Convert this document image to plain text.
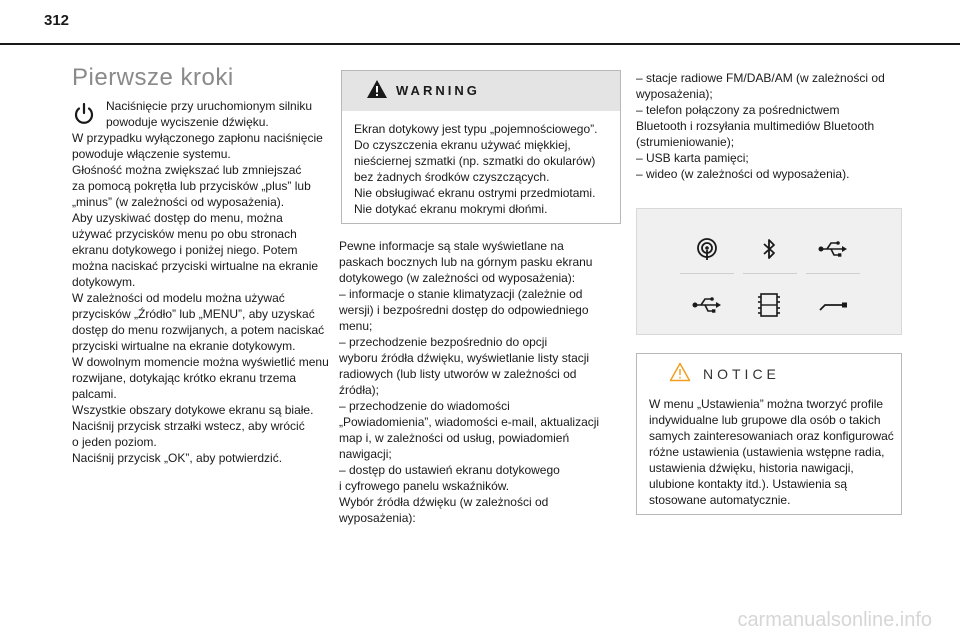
312
Pierwsze kroki
Naciśnięcie przy uruchomionym silniku
powoduje wyciszenie dźwięku.
W przypadku wyłączonego zapłonu naciśnięcie
powoduje włączenie systemu.
Głośność można zwiększać lub zmniejszać
za pomocą pokrętła lub przycisków „plus” lub
„minus” (w zależności od wyposażenia).
Aby uzyskiwać dostęp do menu, można
używać przycisków menu po obu stronach
ekranu dotykowego i poniżej niego. Potem
można naciskać przyciski wirtualne na ekranie
dotykowym.
W zależności od modelu można używać
przycisków „Źródło” lub „MENU”, aby uzyskać
dostęp do menu rozwijanych, a potem naciskać
przyciski wirtualne na ekranie dotykowym.
W dowolnym momencie można wyświetlić menu
rozwijane, dotykając krótko ekranu trzema
palcami.
Wszystkie obszary dotykowe ekranu są białe.
Naciśnij przycisk strzałki wstecz, aby wrócić
o jeden poziom.
Naciśnij przycisk „OK”, aby potwierdzić.
WARNING
Ekran dotykowy jest typu „pojemnościowego”.
Do czyszczenia ekranu używać miękkiej,
nieściernej szmatki (np. szmatki do okularów)
bez żadnych środków czyszczących.
Nie obsługiwać ekranu ostrymi przedmiotami.
Nie dotykać ekranu mokrymi dłońmi.
Pewne informacje są stale wyświetlane na
paskach bocznych lub na górnym pasku ekranu
dotykowego (w zależności od wyposażenia):
– informacje o stanie klimatyzacji (zależnie od
wersji) i bezpośredni dostęp do odpowiedniego
menu;
– przechodzenie bezpośrednio do opcji
wyboru źródła dźwięku, wyświetlanie listy stacji
radiowych (lub listy utworów w zależności od
źródła);
– przechodzenie do wiadomości
„Powiadomienia”, wiadomości e-mail, aktualizacji
map i, w zależności od usług, powiadomień
nawigacji;
– dostęp do ustawień ekranu dotykowego
i cyfrowego panelu wskaźników.
Wybór źródła dźwięku (w zależności od
wyposażenia):
– stacje radiowe FM/DAB/AM (w zależności od
wyposażenia);
– telefon połączony za pośrednictwem
Bluetooth i rozsyłania multimediów Bluetooth
(strumieniowanie);
– USB karta pamięci;
– wideo (w zależności od wyposażenia).
NOTICE
W menu „Ustawienia” można tworzyć profile
indywidualne lub grupowe dla osób o takich
samych zainteresowaniach oraz konfigurować
różne ustawienia (ustawienia wstępne radia,
ustawienia dźwięku, historia nawigacji,
ulubione kontakty itd.). Ustawienia są
stosowane automatycznie.
carmanualsonline.info
